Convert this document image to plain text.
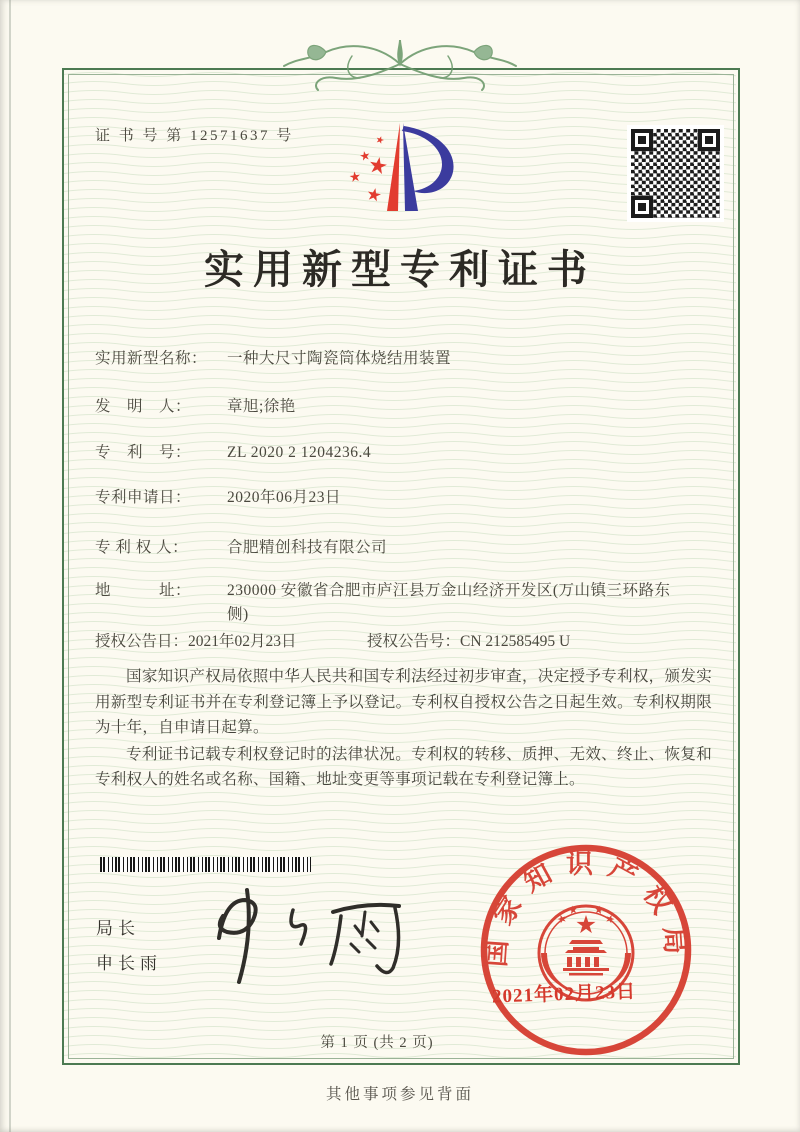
证 书 号 第 12571637 号
实用新型专利证书
实用新型名称：	一种大尺寸陶瓷筒体烧结用装置
发　明　人：	章旭;徐艳
专　利　号：	ZL 2020 2 1204236.4
专利申请日：	2020年06月23日
专 利 权 人：	合肥精创科技有限公司
地　　　址：	230000 安徽省合肥市庐江县万金山经济开发区(万山镇三环路东侧)
授权公告日：2021年02月23日	授权公告号：CN 212585495 U

国家知识产权局依照中华人民共和国专利法经过初步审查，决定授予专利权，颁发实用新型专利证书并在专利登记簿上予以登记。专利权自授权公告之日起生效。专利权期限为十年，自申请日起算。

专利证书记载专利权登记时的法律状况。专利权的转移、质押、无效、终止、恢复和专利权人的姓名或名称、国籍、地址变更等事项记载在专利登记簿上。

局长
申长雨	国家知识产权局
2021年02月23日
第 1 页 (共 2 页)
其他事项参见背面
